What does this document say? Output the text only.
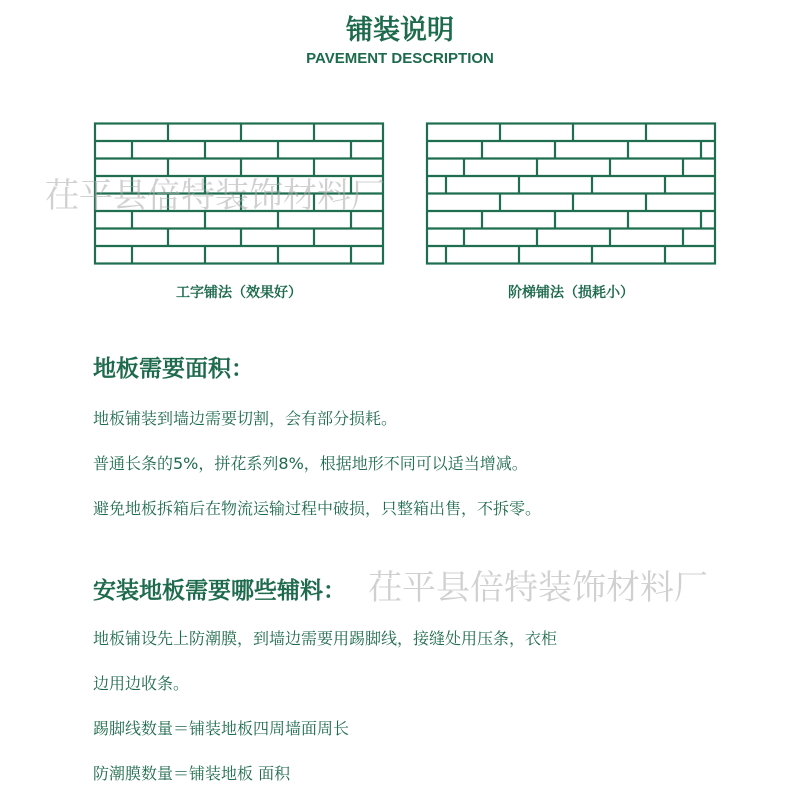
铺装说明
PAVEMENT DESCRIPTION
工字铺法（效果好）	阶梯铺法（损耗小）
茌平县倍特装饰材料厂
地板需要面积：
地板铺装到墙边需要切割，会有部分损耗。
普通长条的5%，拼花系列8%，根据地形不同可以适当增减。
避免地板拆箱后在物流运输过程中破损，只整箱出售，不拆零。
安装地板需要哪些辅料： 茌平县倍特装饰材料厂
地板铺设先上防潮膜，到墙边需要用踢脚线，接缝处用压条，衣柜
边用边收条。
踢脚线数量＝铺装地板四周墙面周长
防潮膜数量＝铺装地板 面积
